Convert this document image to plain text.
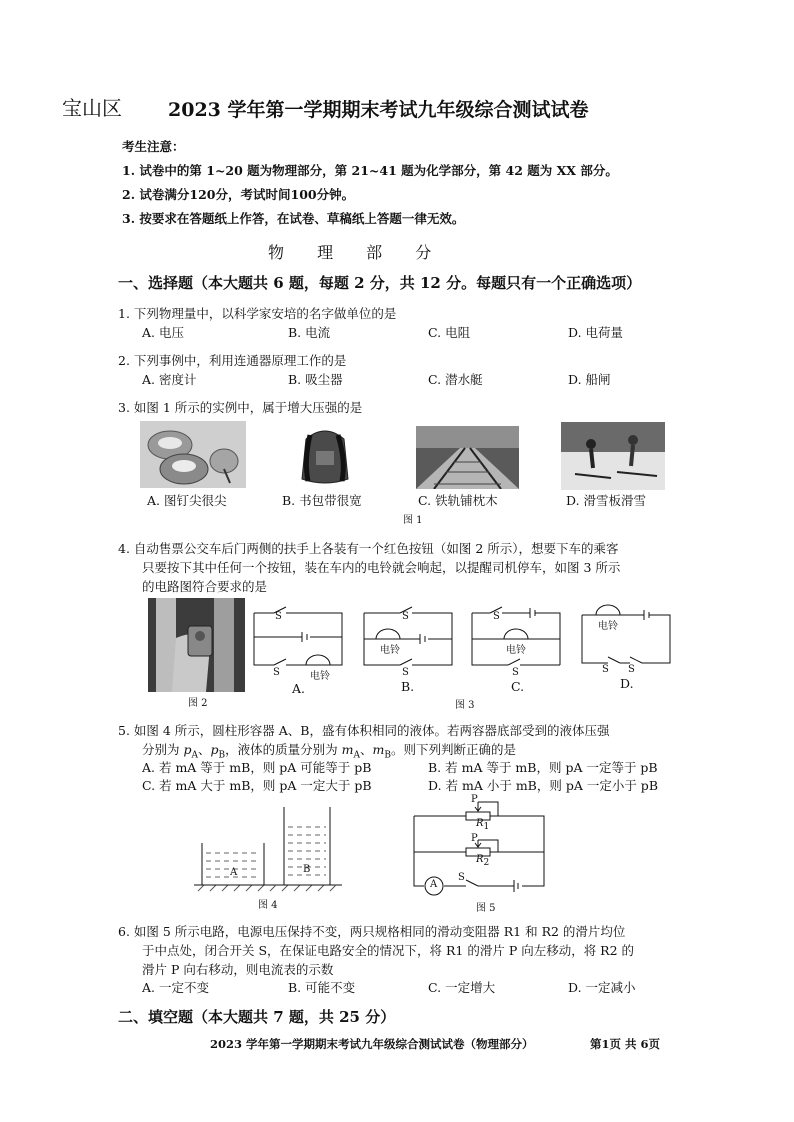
宝山区 2023 学年第一学期期末考试九年级综合测试试卷
考生注意：
1. 试卷中的第 1~20 题为物理部分，第 21~41 题为化学部分，第 42 题为 XX 部分。
2. 试卷满分120分，考试时间100分钟。
3. 按要求在答题纸上作答，在试卷、草稿纸上答题一律无效。
物 理 部 分
一、选择题（本大题共 6 题，每题 2 分，共 12 分。每题只有一个正确选项）
1. 下列物理量中，以科学家安培的名字做单位的是
A. 电压	B. 电流	C. 电阻	D. 电荷量
2. 下列事例中，利用连通器原理工作的是
A. 密度计	B. 吸尘器	C. 潜水艇	D. 船闸
3. 如图 1 所示的实例中，属于增大压强的是
A. 图钉尖很尖	B. 书包带很宽	C. 铁轨铺枕木	D. 滑雪板滑雪
图 1
4. 自动售票公交车后门两侧的扶手上各装有一个红色按钮（如图 2 所示），想要下车的乘客
只要按下其中任何一个按钮，装在车内的电铃就会响起，以提醒司机停车，如图 3 所示
的电路图符合要求的是
图 2
S
S	电铃
A.
S
电铃
S
B.
S
电铃
S
C.
电铃
S S
D.
图 3
5. 如图 4 所示，圆柱形容器 A、B，盛有体积相同的液体。若两容器底部受到的液体压强
分别为 $p_A$、$p_B$，液体的质量分别为 $m_A$、$m_B$。则下列判断正确的是
A. 若 mA 等于 mB，则 pA 可能等于 pB	B. 若 mA 等于 mB，则 pA 一定等于 pB
C. 若 mA 大于 mB，则 pA 一定大于 pB	D. 若 mA 小于 mB，则 pA 一定小于 pB
A	B
图 4
P
$R_1$
P
$R_2$
A
S
图 5
6. 如图 5 所示电路，电源电压保持不变，两只规格相同的滑动变阻器 R1 和 R2 的滑片均位
于中点处，闭合开关 S，在保证电路安全的情况下，将 R1 的滑片 P 向左移动，将 R2 的
滑片 P 向右移动，则电流表的示数
A. 一定不变	B. 可能不变	C. 一定增大	D. 一定减小
二、填空题（本大题共 7 题，共 25 分）
2023 学年第一学期期末考试九年级综合测试试卷（物理部分）	第1页 共 6页
